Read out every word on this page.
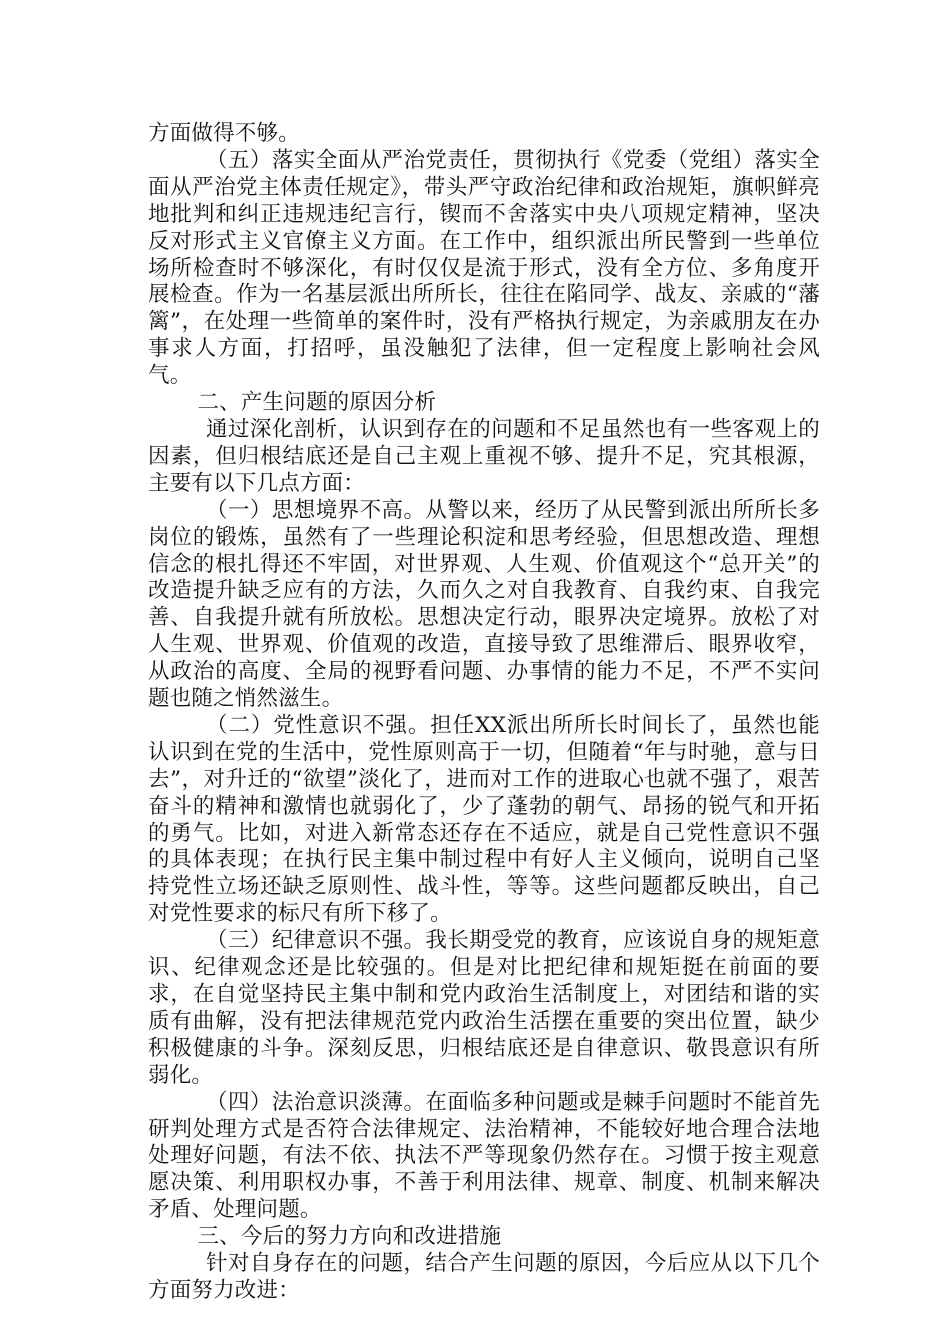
方面做得不够。

（五）落实全面从严治党责任，贯彻执行《党委（党组）落实全面从严治党主体责任规定》，带头严守政治纪律和政治规矩，旗帜鲜亮地批判和纠正违规违纪言行，锲而不舍落实中央八项规定精神，坚决反对形式主义官僚主义方面。在工作中，组织派出所民警到一些单位场所检查时不够深化，有时仅仅是流于形式，没有全方位、多角度开展检查。作为一名基层派出所所长，往往在陷同学、战友、亲戚的“藩篱”，在处理一些简单的案件时，没有严格执行规定，为亲戚朋友在办事求人方面，打招呼，虽没触犯了法律，但一定程度上影响社会风气。

二、产生问题的原因分析

通过深化剖析，认识到存在的问题和不足虽然也有一些客观上的因素，但归根结底还是自己主观上重视不够、提升不足，究其根源，主要有以下几点方面：

（一）思想境界不高。从警以来，经历了从民警到派出所所长多岗位的锻炼，虽然有了一些理论积淀和思考经验，但思想改造、理想信念的根扎得还不牢固，对世界观、人生观、价值观这个“总开关”的改造提升缺乏应有的方法，久而久之对自我教育、自我约束、自我完善、自我提升就有所放松。思想决定行动，眼界决定境界。放松了对人生观、世界观、价值观的改造，直接导致了思维滞后、眼界收窄，从政治的高度、全局的视野看问题、办事情的能力不足，不严不实问题也随之悄然滋生。

（二）党性意识不强。担任XX派出所所长时间长了，虽然也能认识到在党的生活中，党性原则高于一切，但随着“年与时驰，意与日去”，对升迁的“欲望”淡化了，进而对工作的进取心也就不强了，艰苦奋斗的精神和激情也就弱化了，少了蓬勃的朝气、昂扬的锐气和开拓的勇气。比如，对进入新常态还存在不适应，就是自己党性意识不强的具体表现；在执行民主集中制过程中有好人主义倾向，说明自己坚持党性立场还缺乏原则性、战斗性，等等。这些问题都反映出，自己对党性要求的标尺有所下移了。

（三）纪律意识不强。我长期受党的教育，应该说自身的规矩意识、纪律观念还是比较强的。但是对比把纪律和规矩挺在前面的要求，在自觉坚持民主集中制和党内政治生活制度上，对团结和谐的实质有曲解，没有把法律规范党内政治生活摆在重要的突出位置，缺少积极健康的斗争。深刻反思，归根结底还是自律意识、敬畏意识有所弱化。

（四）法治意识淡薄。在面临多种问题或是棘手问题时不能首先研判处理方式是否符合法律规定、法治精神，不能较好地合理合法地处理好问题，有法不依、执法不严等现象仍然存在。习惯于按主观意愿决策、利用职权办事，不善于利用法律、规章、制度、机制来解决矛盾、处理问题。

三、今后的努力方向和改进措施

针对自身存在的问题，结合产生问题的原因，今后应从以下几个方面努力改进：
